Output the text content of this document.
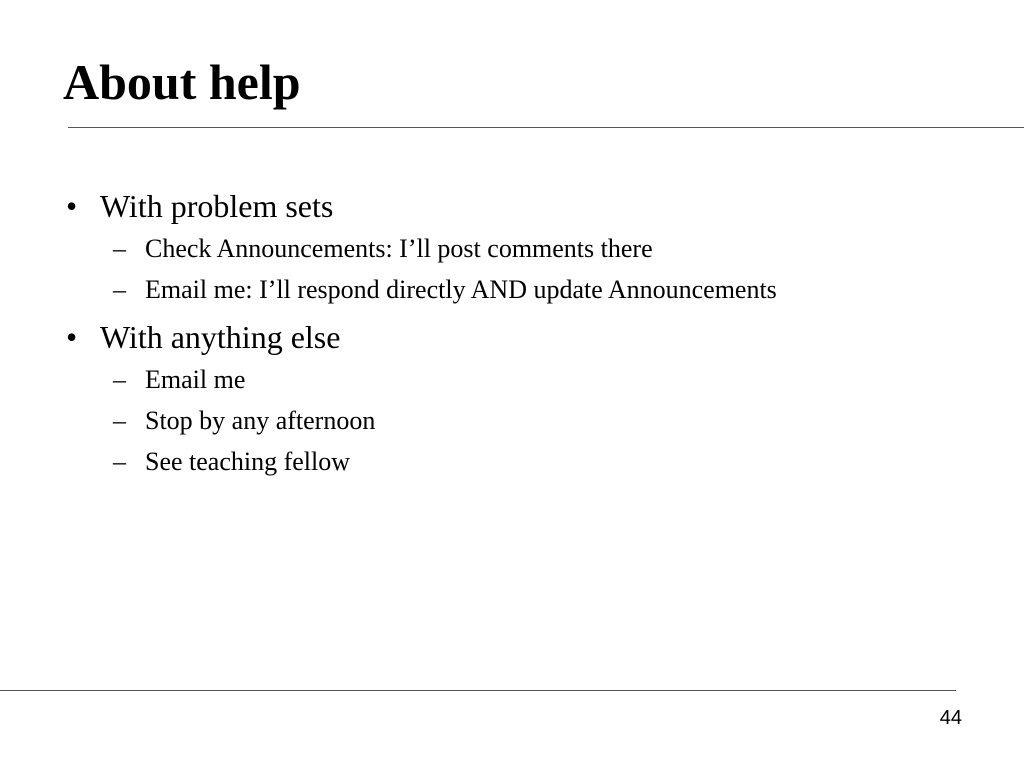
About help
• With problem sets
– Check Announcements: I’ll post comments there
– Email me: I’ll respond directly AND update Announcements
• With anything else
– Email me
– Stop by any afternoon
– See teaching fellow
44
